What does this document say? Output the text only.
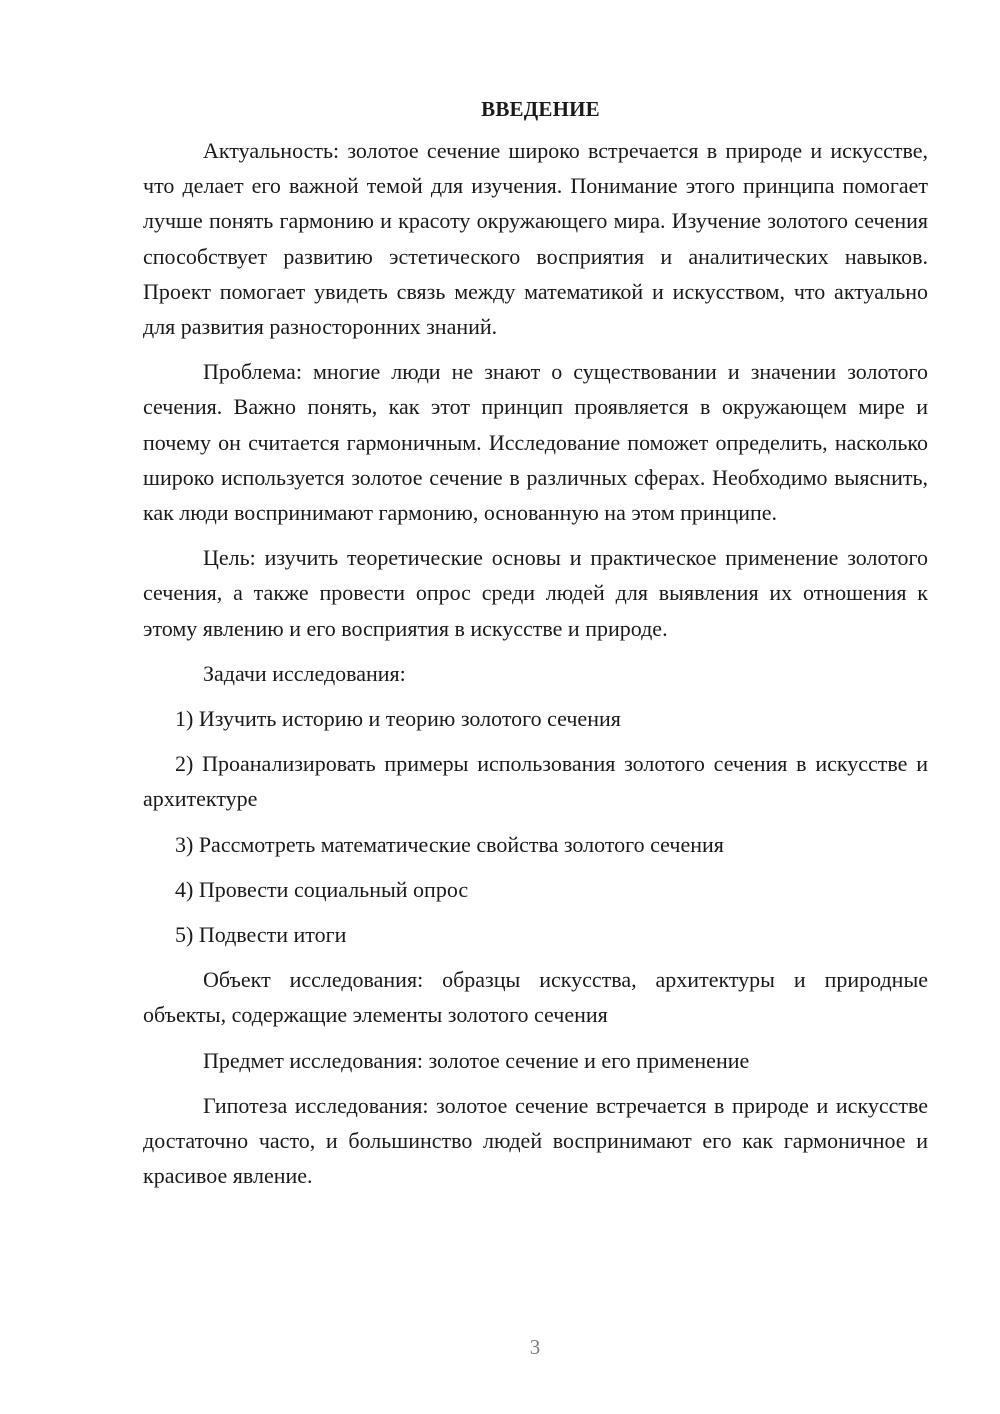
ВВЕДЕНИЕ

Актуальность: золотое сечение широко встречается в природе и искусстве, что делает его важной темой для изучения. Понимание этого принципа помогает лучше понять гармонию и красоту окружающего мира. Изучение золотого сечения способствует развитию эстетического восприятия и аналитических навыков. Проект помогает увидеть связь между математикой и искусством, что актуально для развития разносторонних знаний.

Проблема: многие люди не знают о существовании и значении золотого сечения. Важно понять, как этот принцип проявляется в окружающем мире и почему он считается гармоничным. Исследование поможет определить, насколько широко используется золотое сечение в различных сферах. Необходимо выяснить, как люди воспринимают гармонию, основанную на этом принципе.

Цель: изучить теоретические основы и практическое применение золотого сечения, а также провести опрос среди людей для выявления их отношения к этому явлению и его восприятия в искусстве и природе.

Задачи исследования:

1) Изучить историю и теорию золотого сечения

2) Проанализировать примеры использования золотого сечения в искусстве и архитектуре

3) Рассмотреть математические свойства золотого сечения

4) Провести социальный опрос

5) Подвести итоги

Объект исследования: образцы искусства, архитектуры и природные объекты, содержащие элементы золотого сечения

Предмет исследования: золотое сечение и его применение

Гипотеза исследования: золотое сечение встречается в природе и искусстве достаточно часто, и большинство людей воспринимают его как гармоничное и красивое явление.

3
